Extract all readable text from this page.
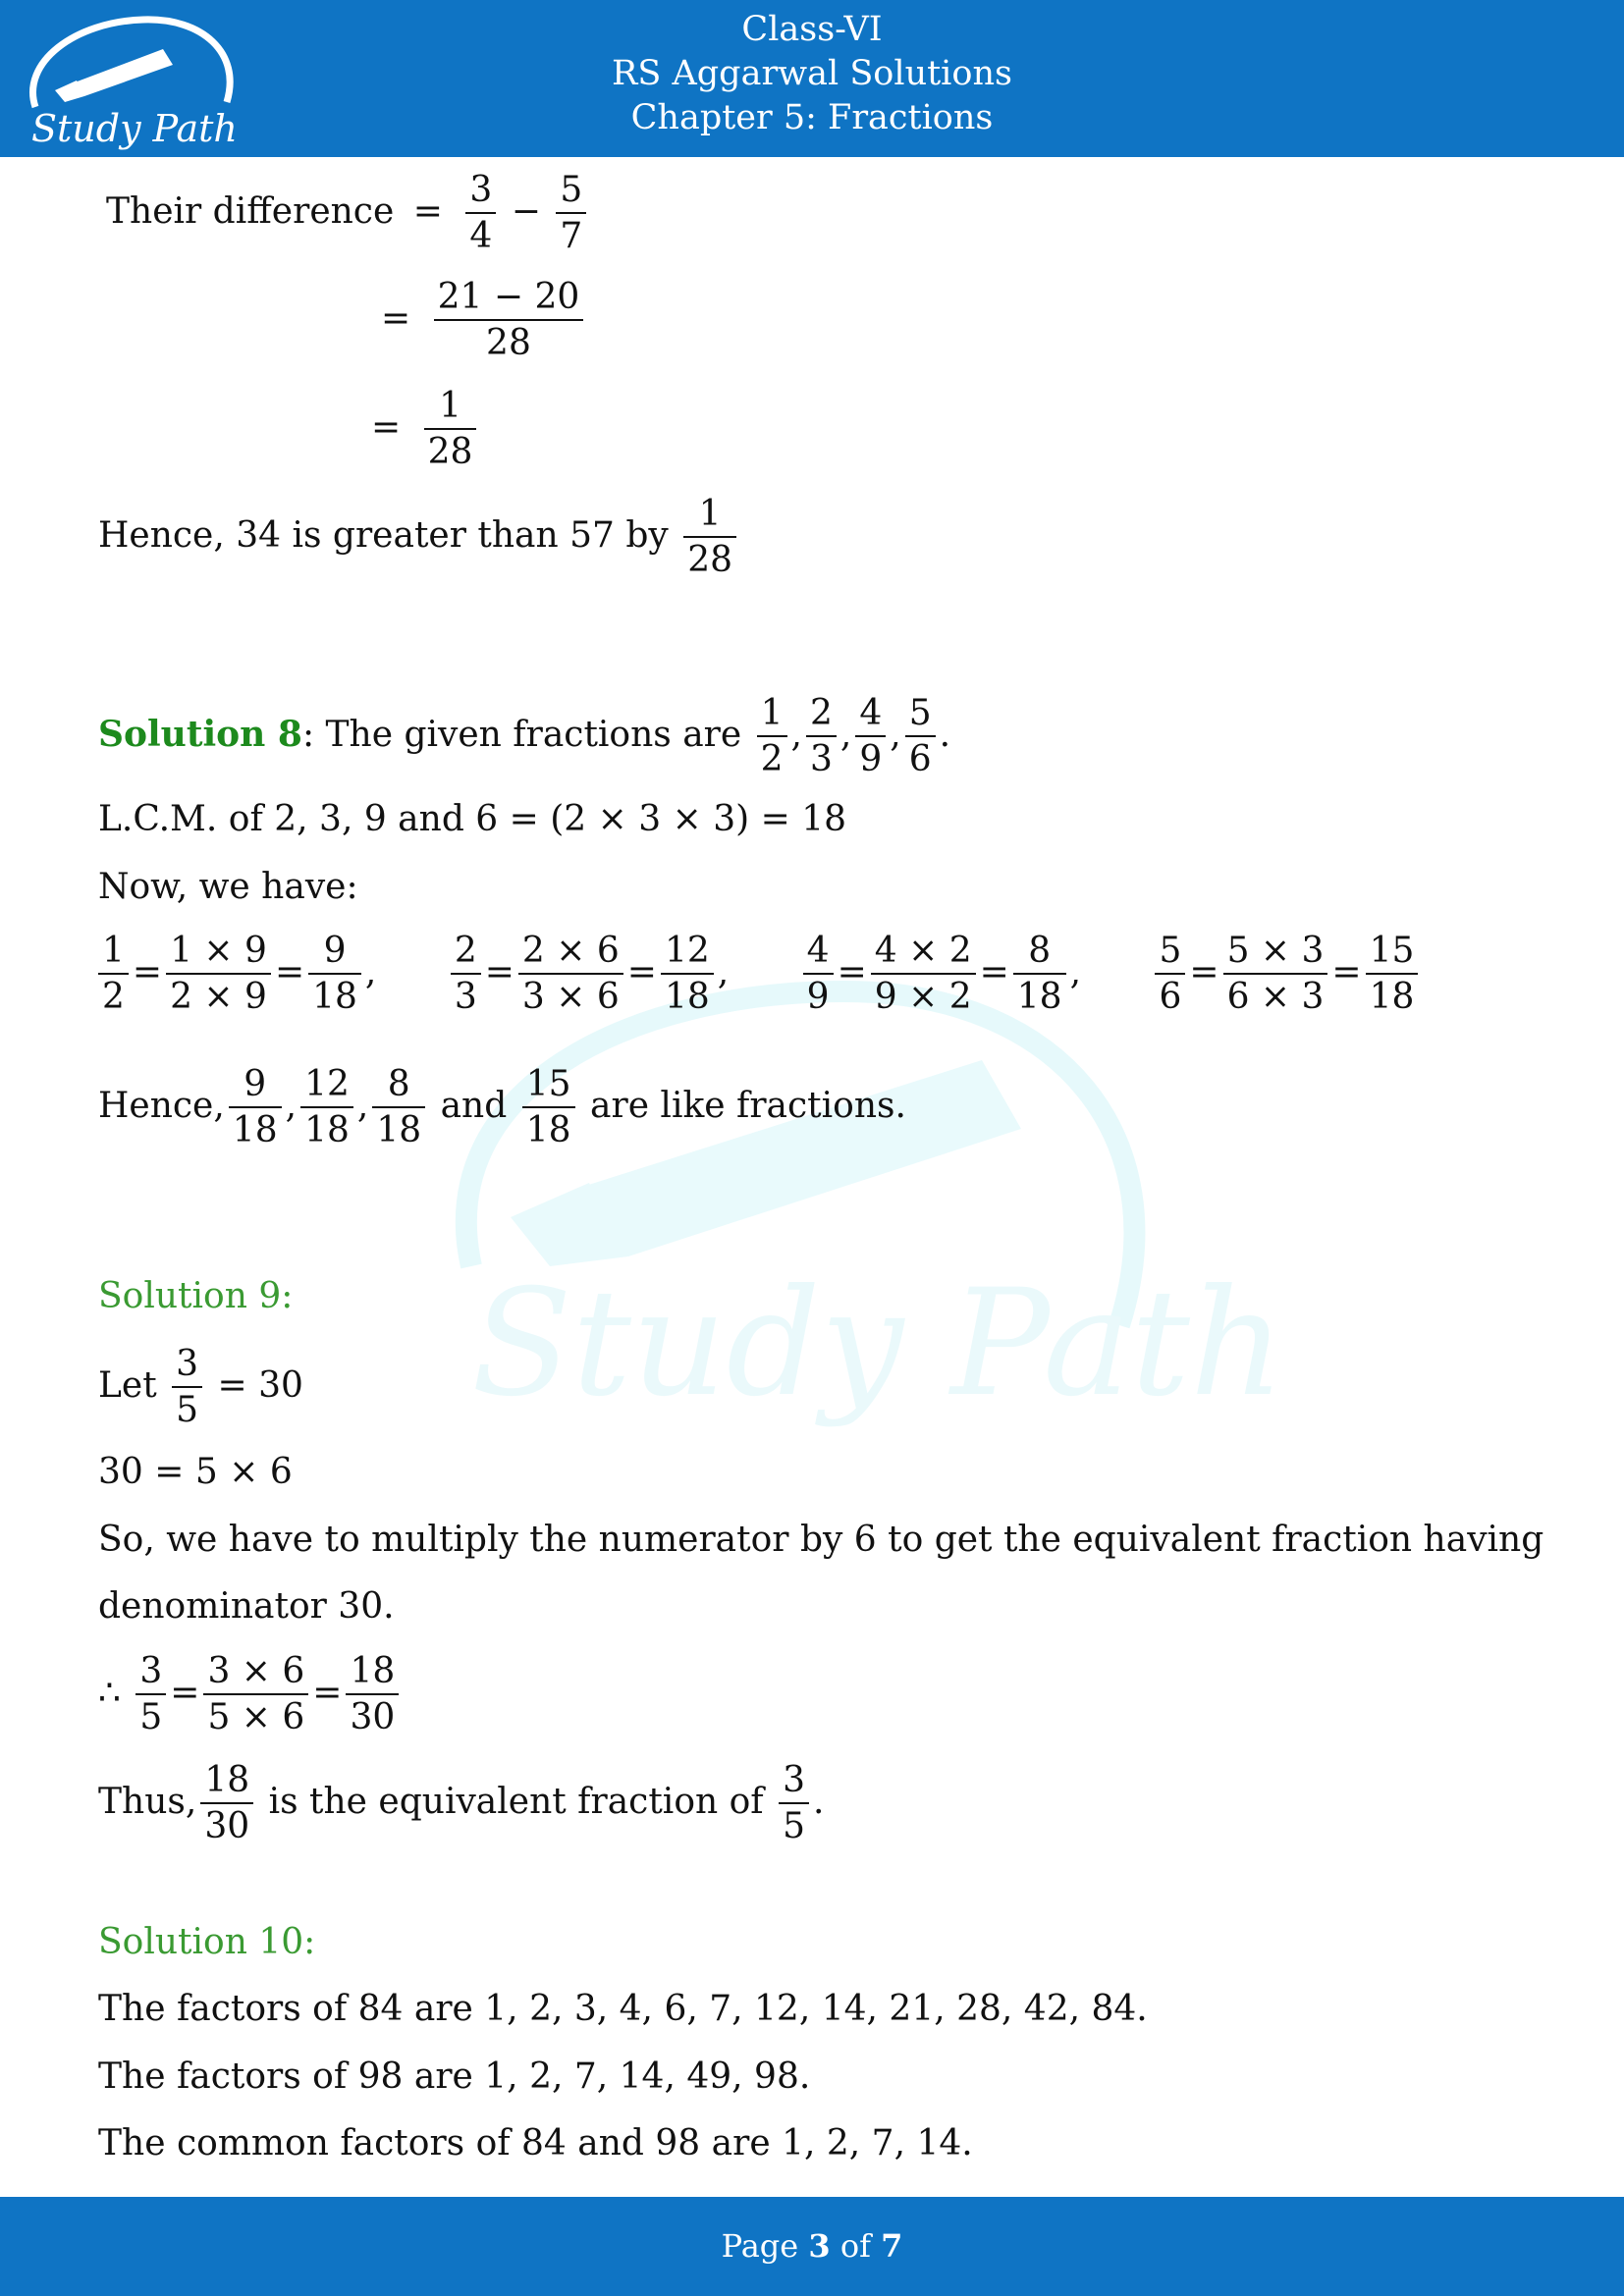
Study Path
Class-VI
RS Aggarwal Solutions
Chapter 5: Fractions
Study Path
Their difference = $\frac{3}{4} - \frac{5}{7}$
= $\frac{21 - 20}{28}$
= $\frac{1}{28}$
Hence, 34 is greater than 57 by $\frac{1}{28}$
Solution 8: The given fractions are $\frac{1}{2}$ , $\frac{2}{3}$ , $\frac{4}{9}$ , $\frac{5}{6}$ .
L.C.M. of 2, 3, 9 and 6 = (2 × 3 × 3) = 18
Now, we have:
$\frac{1}{2} = \frac{1 \times 9}{2 \times 9} = \frac{9}{18}$ , $\frac{2}{3} = \frac{2 \times 6}{3 \times 6} = \frac{12}{18}$ , $\frac{4}{9} = \frac{4 \times 2}{9 \times 2} = \frac{8}{18}$ , $\frac{5}{6} = \frac{5 \times 3}{6 \times 3} = \frac{15}{18}$
Hence, $\frac{9}{18}$ , $\frac{12}{18}$ , $\frac{8}{18}$ and $\frac{15}{18}$ are like fractions.
Solution 9:
Let $\frac{3}{5} = 30$
30 = 5 × 6
So, we have to multiply the numerator by 6 to get the equivalent fraction having
denominator 30.
∴ $\frac{3}{5} = \frac{3 \times 6}{5 \times 6} = \frac{18}{30}$
Thus, $\frac{18}{30}$ is the equivalent fraction of $\frac{3}{5}$ .
Solution 10:
The factors of 84 are 1, 2, 3, 4, 6, 7, 12, 14, 21, 28, 42, 84.
The factors of 98 are 1, 2, 7, 14, 49, 98.
The common factors of 84 and 98 are 1, 2, 7, 14.
Page 3 of 7
